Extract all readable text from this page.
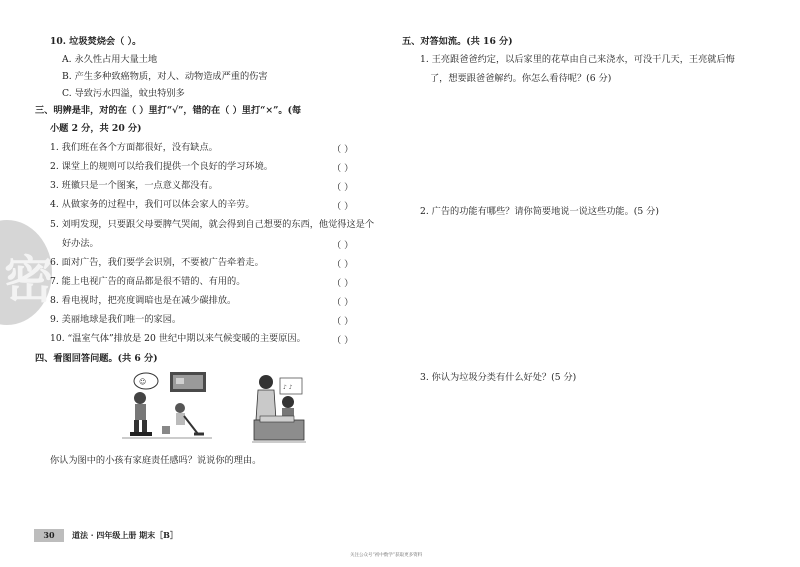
密
10. 垃圾焚烧会（ ）。
A. 永久性占用大量土地
B. 产生多种致癌物质，对人、动物造成严重的伤害
C. 导致污水四溢，蚊虫特别多
三、明辨是非，对的在（ ）里打“√”，错的在（ ）里打“×”。(每
小题 2 分，共 20 分)
1. 我们班在各个方面都很好，没有缺点。	（ ）
2. 课堂上的规则可以给我们提供一个良好的学习环境。	（ ）
3. 班徽只是一个图案，一点意义都没有。	（ ）
4. 从做家务的过程中，我们可以体会家人的辛劳。	（ ）
5. 刘明发现，只要跟父母要脾气哭闹，就会得到自己想要的东西，他觉得这是个
好办法。	（ ）
6. 面对广告，我们要学会识别，不要被广告牵着走。	（ ）
7. 能上电视广告的商品都是很不错的、有用的。	（ ）
8. 看电视时，把亮度调暗也是在减少碳排放。	（ ）
9. 美丽地球是我们唯一的家园。	（ ）
10. “温室气体”排放是 20 世纪中期以来气候变暖的主要原因。	（ ）
四、看图回答问题。(共 6 分)
☺
♪ ♪
你认为图中的小孩有家庭责任感吗？说说你的理由。
五、对答如流。(共 16 分)
1. 王亮跟爸爸约定，以后家里的花草由自己来浇水，可没干几天，王亮就后悔
了，想要跟爸爸解约。你怎么看待呢？(6 分)
2. 广告的功能有哪些？请你简要地说一说这些功能。(5 分)
3. 你认为垃圾分类有什么好处？(5 分)
30	道法 · 四年级上册 期末［B］
关注公众号“初中数学”获取更多资料
